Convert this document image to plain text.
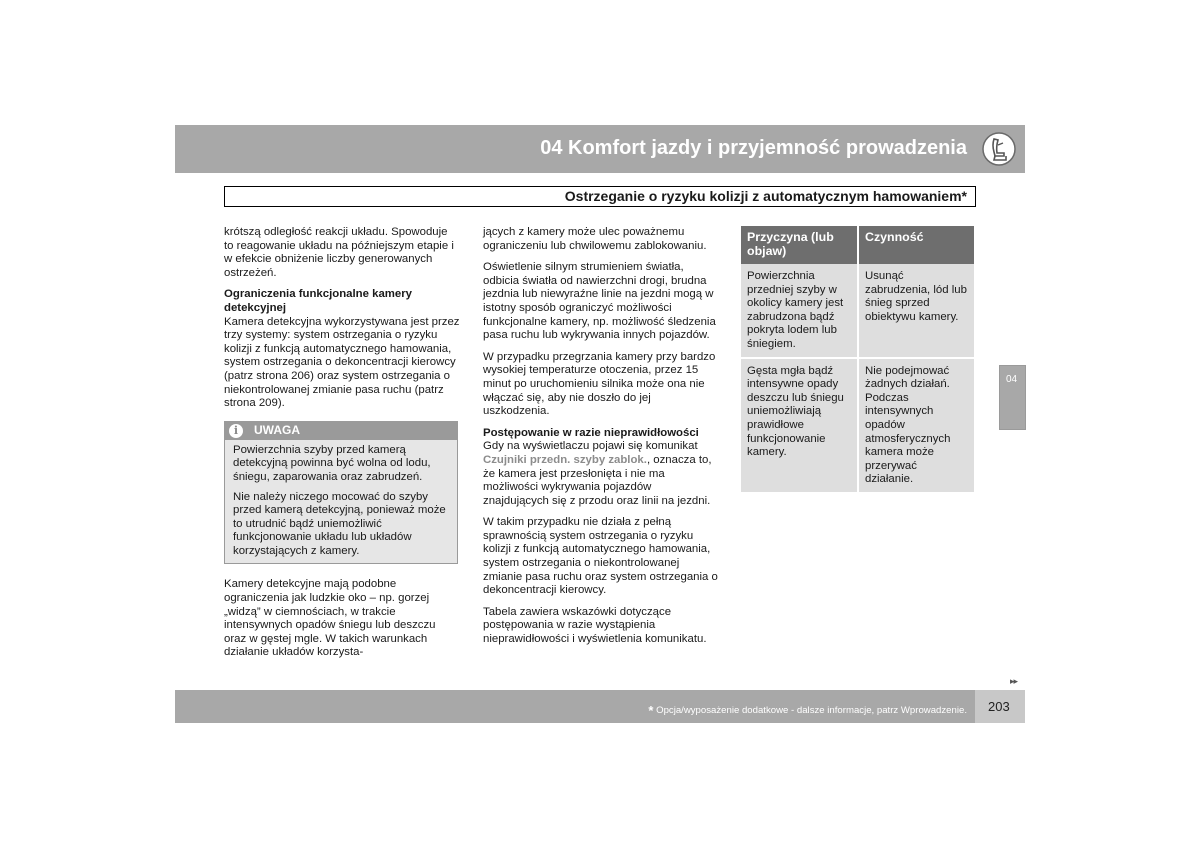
04 Komfort jazdy i przyjemność prowadzenia
Ostrzeganie o ryzyku kolizji z automatycznym hamowaniem*

krótszą odległość reakcji układu. Spowoduje to reagowanie układu na późniejszym etapie i w efekcie obniżenie liczby generowanych ostrzeżeń.

Ograniczenia funkcjonalne kamery detekcyjnej

Kamera detekcyjna wykorzystywana jest przez trzy systemy: system ostrzegania o ryzyku kolizji z funkcją automatycznego hamowania, system ostrzegania o dekoncentracji kierowcy (patrz strona 206) oraz system ostrzegania o niekontrolowanej zmianie pasa ruchu (patrz strona 209).

i	UWAGA

Powierzchnia szyby przed kamerą detekcyjną powinna być wolna od lodu, śniegu, zaparowania oraz zabrudzeń.

Nie należy niczego mocować do szyby przed kamerą detekcyjną, ponieważ może to utrudnić bądź uniemożliwić funkcjonowanie układu lub układów korzystających z kamery.

Kamery detekcyjne mają podobne ograniczenia jak ludzkie oko – np. gorzej „widzą” w ciemnościach, w trakcie intensywnych opadów śniegu lub deszczu oraz w gęstej mgle. W takich warunkach działanie układów korzysta-

jących z kamery może ulec poważnemu ograniczeniu lub chwilowemu zablokowaniu.

Oświetlenie silnym strumieniem światła, odbicia światła od nawierzchni drogi, brudna jezdnia lub niewyraźne linie na jezdni mogą w istotny sposób ograniczyć możliwości funkcjonalne kamery, np. możliwość śledzenia pasa ruchu lub wykrywania innych pojazdów.

W przypadku przegrzania kamery przy bardzo wysokiej temperaturze otoczenia, przez 15 minut po uruchomieniu silnika może ona nie włączać się, aby nie doszło do jej uszkodzenia.

Postępowanie w razie nieprawidłowości

Gdy na wyświetlaczu pojawi się komunikat Czujniki przedn. szyby zablok., oznacza to, że kamera jest przesłonięta i nie ma możliwości wykrywania pojazdów znajdujących się z przodu oraz linii na jezdni.

W takim przypadku nie działa z pełną sprawnością system ostrzegania o ryzyku kolizji z funkcją automatycznego hamowania, system ostrzegania o niekontrolowanej zmianie pasa ruchu oraz system ostrzegania o dekoncentracji kierowcy.

Tabela zawiera wskazówki dotyczące postępowania w razie wystąpienia nieprawidłowości i wyświetlenia komunikatu.

Przyczyna (lub objaw)	Czynność
Powierzchnia przedniej szyby w okolicy kamery jest zabrudzona bądź pokryta lodem lub śniegiem.	Usunąć zabrudzenia, lód lub śnieg sprzed obiektywu kamery.
Gęsta mgła bądź intensywne opady deszczu lub śniegu uniemożliwiają prawidłowe funkcjonowanie kamery.	Nie podejmować żadnych działań. Podczas intensywnych opadów atmosferycznych kamera może przerywać działanie.
04
▸▸
* Opcja/wyposażenie dodatkowe - dalsze informacje, patrz Wprowadzenie. 203
